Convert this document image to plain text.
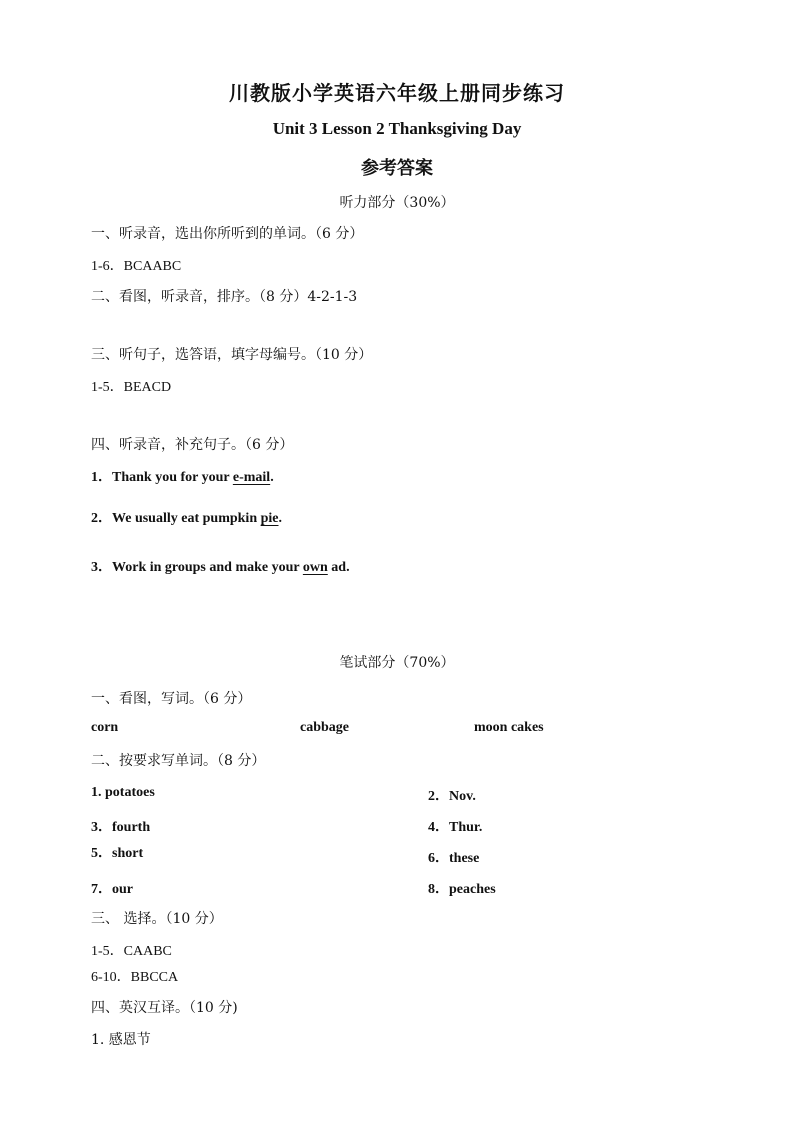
川教版小学英语六年级上册同步练习
Unit 3 Lesson 2 Thanksgiving Day
参考答案
听力部分（30%）
一、听录音，选出你所听到的单词。（6 分）
1-6．BCAABC
二、看图，听录音，排序。（8 分）4-2-1-3
三、听句子，选答语，填字母编号。（10 分）
1-5．BEACD
四、听录音，补充句子。（6 分）
1．Thank you for your e-mail.
2．We usually eat pumpkin pie.
3．Work in groups and make your own ad.
笔试部分（70%）
一、看图，写词。（6 分）
corn	cabbage	moon cakes
二、按要求写单词。（8 分）
1. potatoes	2．Nov.
3．fourth	4．Thur.
5．short	6．these
7．our	8．peaches
三、 选择。（10 分）
1-5．CAABC
6-10．BBCCA
四、英汉互译。（10 分)
1. 感恩节
